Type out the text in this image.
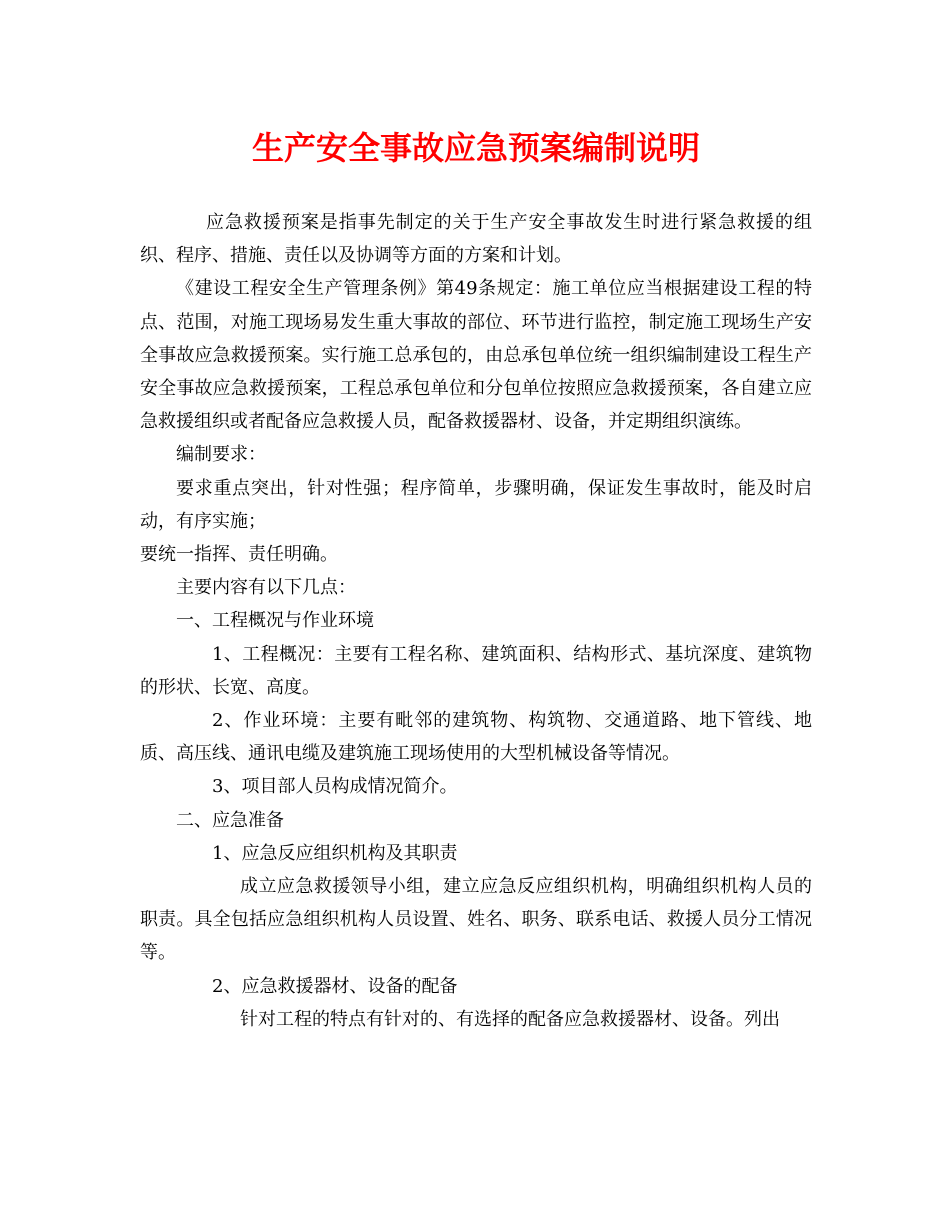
生产安全事故应急预案编制说明

应急救援预案是指事先制定的关于生产安全事故发生时进行紧急救援的组织、程序、措施、责任以及协调等方面的方案和计划。

《建设工程安全生产管理条例》第49条规定：施工单位应当根据建设工程的特点、范围，对施工现场易发生重大事故的部位、环节进行监控，制定施工现场生产安全事故应急救援预案。实行施工总承包的，由总承包单位统一组织编制建设工程生产安全事故应急救援预案，工程总承包单位和分包单位按照应急救援预案，各自建立应急救援组织或者配备应急救援人员，配备救援器材、设备，并定期组织演练。

编制要求：

要求重点突出，针对性强；程序简单，步骤明确，保证发生事故时，能及时启动，有序实施；

要统一指挥、责任明确。

主要内容有以下几点：

一、工程概况与作业环境

1、工程概况：主要有工程名称、建筑面积、结构形式、基坑深度、建筑物的形状、长宽、高度。

2、作业环境：主要有毗邻的建筑物、构筑物、交通道路、地下管线、地质、高压线、通讯电缆及建筑施工现场使用的大型机械设备等情况。

3、项目部人员构成情况简介。

二、应急准备

1、应急反应组织机构及其职责

成立应急救援领导小组，建立应急反应组织机构，明确组织机构人员的职责。具全包括应急组织机构人员设置、姓名、职务、联系电话、救援人员分工情况等。

2、应急救援器材、设备的配备

针对工程的特点有针对的、有选择的配备应急救援器材、设备。列出
